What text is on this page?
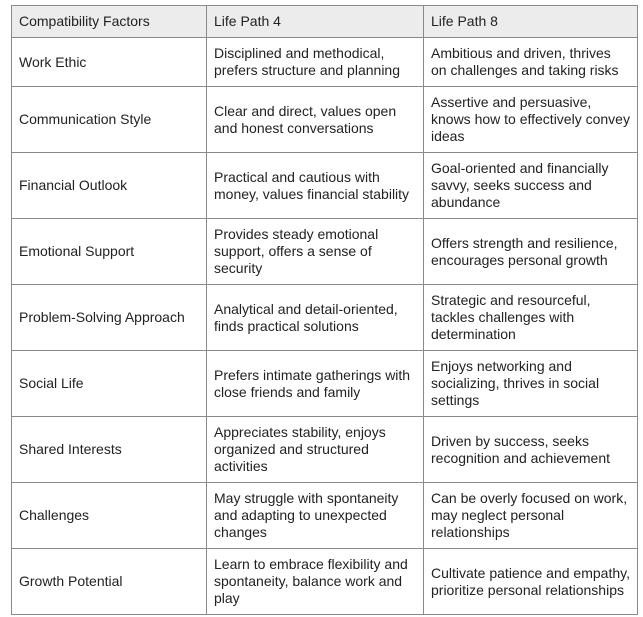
Compatibility Factors	Life Path 4	Life Path 8
Work Ethic	Disciplined and methodical, prefers structure and planning	Ambitious and driven, thrives on challenges and taking risks
Communication Style	Clear and direct, values open and honest conversations	Assertive and persuasive, knows how to effectively convey ideas
Financial Outlook	Practical and cautious with money, values financial stability	Goal-oriented and financially savvy, seeks success and abundance
Emotional Support	Provides steady emotional support, offers a sense of security	Offers strength and resilience, encourages personal growth
Problem-Solving Approach	Analytical and detail-oriented, finds practical solutions	Strategic and resourceful, tackles challenges with determination
Social Life	Prefers intimate gatherings with close friends and family	Enjoys networking and socializing, thrives in social settings
Shared Interests	Appreciates stability, enjoys organized and structured activities	Driven by success, seeks recognition and achievement
Challenges	May struggle with spontaneity and adapting to unexpected changes	Can be overly focused on work, may neglect personal relationships
Growth Potential	Learn to embrace flexibility and spontaneity, balance work and play	Cultivate patience and empathy, prioritize personal relationships
